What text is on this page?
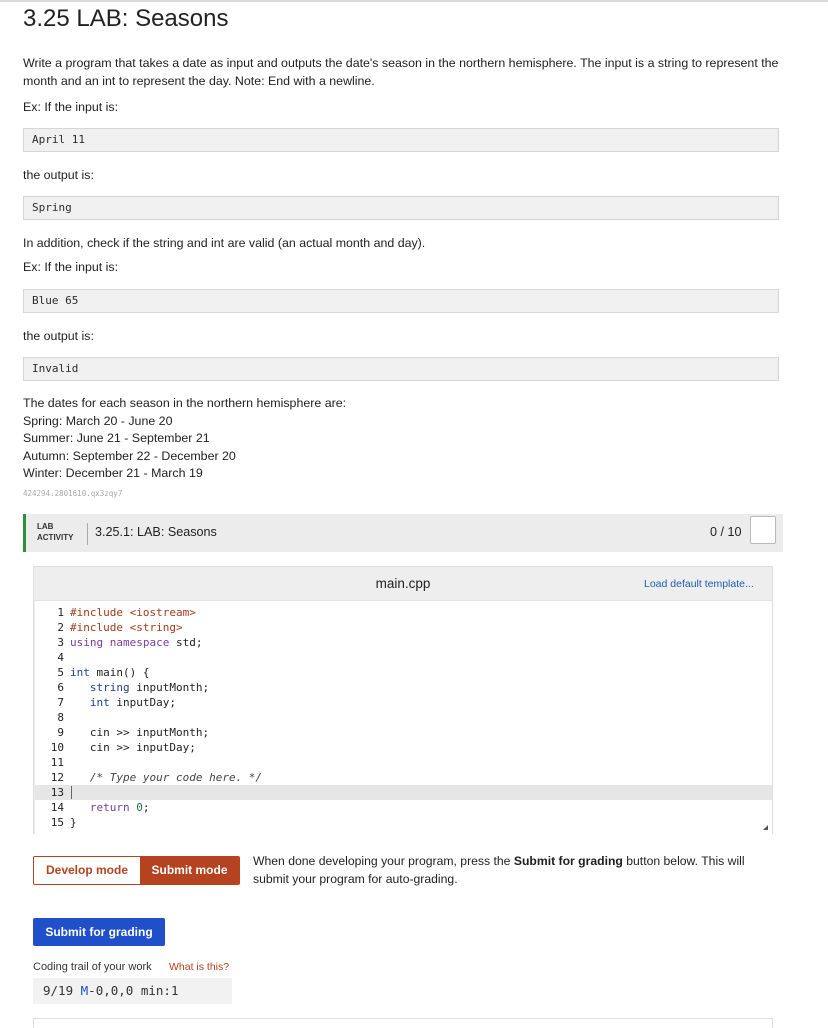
3.25 LAB: Seasons
Write a program that takes a date as input and outputs the date's season in the northern hemisphere. The input is a string to represent the month and an int to represent the day. Note: End with a newline.
Ex: If the input is:
April 11
the output is:
Spring
In addition, check if the string and int are valid (an actual month and day).
Ex: If the input is:
Blue 65
the output is:
Invalid
The dates for each season in the northern hemisphere are:
Spring: March 20 - June 20
Summer: June 21 - September 21
Autumn: September 22 - December 20
Winter: December 21 - March 19
424294.2801610.qx3zqy7
LAB
ACTIVITY 3.25.1: LAB: Seasons	0 / 10
main.cpp	Load default template...
1 #include <iostream>
2 #include <string>
3 using namespace std;
4
5 int main() {
6	string inputMonth;
7	int inputDay;
8
9 cin >> inputMonth;
10 cin >> inputDay;
11
12 /* Type your code here. */
13
14	return 0;
15 }
Develop mode	Submit mode
When done developing your program, press the Submit for grading button below. This will submit your program for auto-grading.
Submit for grading
Coding trail of your work What is this?
9/19 M-0,0,0 min:1
